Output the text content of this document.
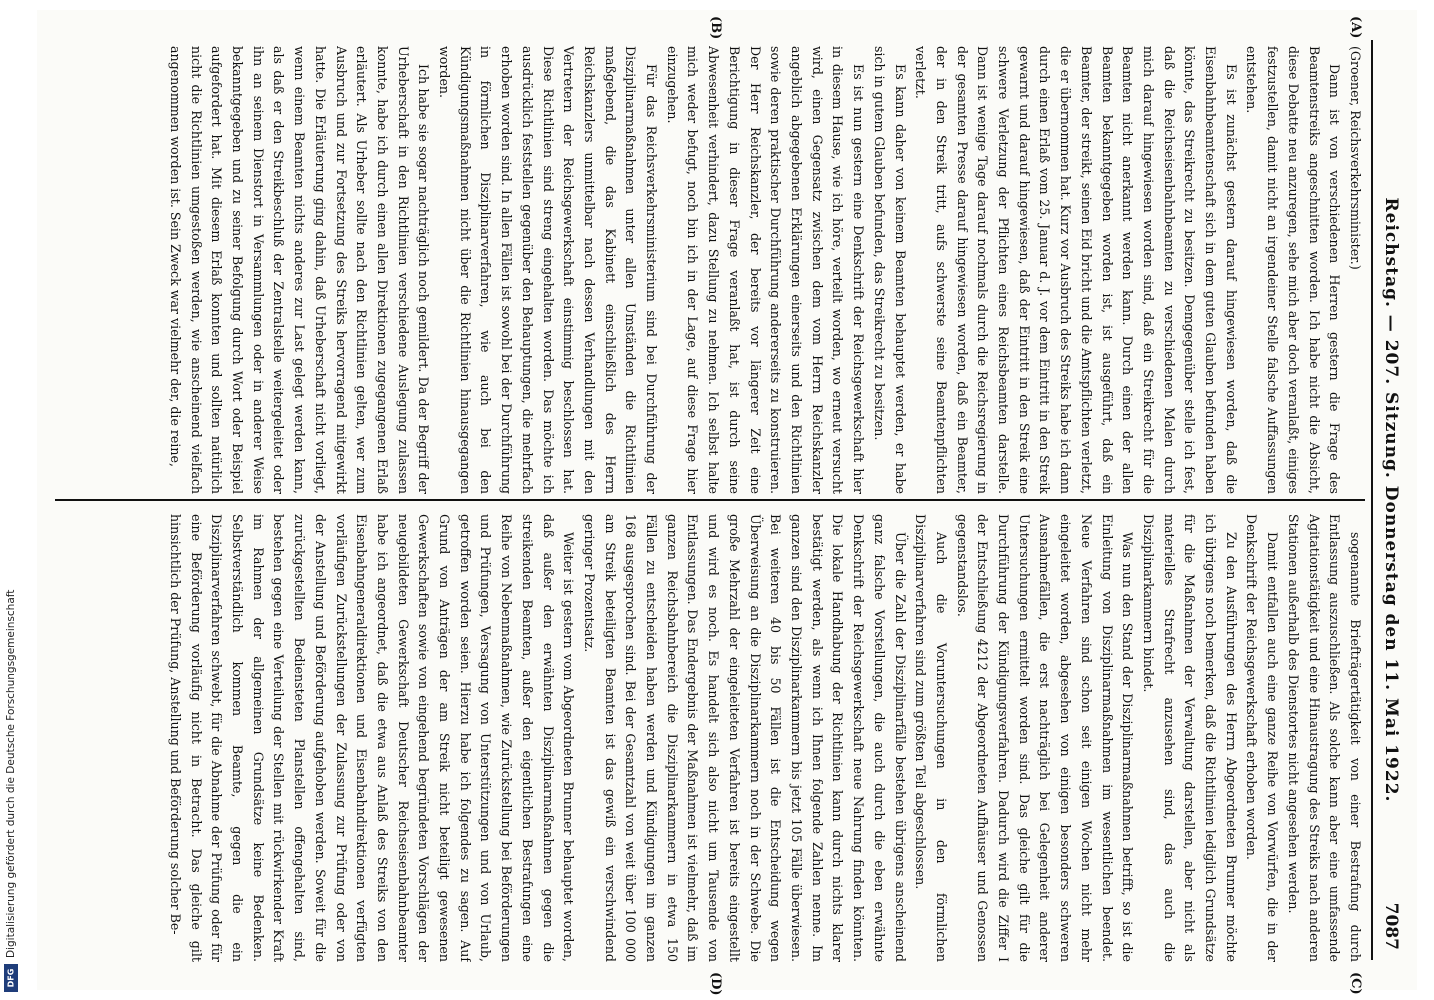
Digitalisierung gefördert durch die Deutsche Forschungsgemeinschaft
DFG
Reichstag. — 207. Sitzung. Donnerstag den 11. Mai 1922.
7087
(A)
(B)
(C)
(D)

(Groener, Reichsverkehrsminister.)

Dann ist von verschiedenen Herren gestern die Frage des Beamtenstreiks angeschnitten worden. Ich habe nicht die Absicht, diese Debatte neu anzuregen, sehe mich aber doch veranlaßt, einiges festzustellen, damit nicht an irgendeiner Stelle falsche Auffassungen entstehen.

Es ist zunächst gestern darauf hingewiesen worden, daß die Eisenbahnbeamtenschaft sich in dem guten Glauben befunden haben könnte, das Streikrecht zu besitzen. Demgegenüber stelle ich fest, daß die Reichseisenbahnbeamten zu verschiedenen Malen durch mich darauf hingewiesen worden sind, daß ein Streikrecht für die Beamten nicht anerkannt werden kann. Durch einen der allen Beamten bekanntgegeben worden ist, ist ausgeführt, daß ein Beamter, der streikt, seinen Eid bricht und die Amtspflichten verletzt, die er übernommen hat. Kurz vor Ausbruch des Streiks habe ich dann durch einen Erlaß vom 25. Januar d. J. vor dem Eintritt in den Streik gewarnt und darauf hingewiesen, daß der Eintritt in den Streik eine schwere Verletzung der Pflichten eines Reichsbeamten darstelle. Dann ist wenige Tage darauf nochmals durch die Reichsregierung in der gesamten Presse darauf hingewiesen worden, daß ein Beamter, der in den Streik tritt, aufs schwerste seine Beamtenpflichten verletzt.

Es kann daher von keinem Beamten behauptet werden, er habe sich in gutem Glauben befunden, das Streikrecht zu besitzen.

Es ist nun gestern eine Denkschrift der Reichsgewerkschaft hier in diesem Hause, wie ich höre, verteilt worden, wo erneut versucht wird, einen Gegensatz zwischen dem vom Herrn Reichskanzler angeblich abgegebenen Erklärungen einerseits und den Richtlinien sowie deren praktischer Durchführung andererseits zu konstruieren. Der Herr Reichskanzler, der bereits vor längerer Zeit eine Berichtigung in dieser Frage veranlaßt hat, ist durch seine Abwesenheit verhindert, dazu Stellung zu nehmen. Ich selbst halte mich weder befugt, noch bin ich in der Lage, auf diese Frage hier einzugehen.

Für das Reichsverkehrsministerium sind bei Durchführung der Disziplinarmaßnahmen unter allen Umständen die Richtlinien maßgebend, die das Kabinett einschließlich des Herrn Reichskanzlers unmittelbar nach dessen Verhandlungen mit den Vertretern der Reichsgewerkschaft einstimmig beschlossen hat. Diese Richtlinien sind streng eingehalten worden. Das möchte ich ausdrücklich feststellen gegenüber den Behauptungen, die mehrfach erhoben worden sind. In allen Fällen ist sowohl bei der Durchführung in förmlichen Disziplinarverfahren, wie auch bei den Kündigungsmaßnahmen nicht über die Richtlinien hinausgegangen worden.

Ich habe sie sogar nachträglich noch gemildert. Da der Begriff der Urheberschaft in den Richtlinien verschiedene Auslegung zulassen konnte, habe ich durch einen allen Direktionen zugegangenen Erlaß erläutert. Als Urheber sollte nach den Richtlinien gelten, wer zum Ausbruch und zur Fortsetzung des Streiks hervorragend mitgewirkt hatte. Die Erläuterung ging dahin, daß Urheberschaft nicht vorliegt, wenn einem Beamten nichts anderes zur Last gelegt werden kann, als daß er den Streikbeschluß der Zentralstelle weitergeleitet oder ihn an seinem Dienstort in Versammlungen oder in anderer Weise bekanntgegeben und zu seiner Befolgung durch Wort oder Beispiel aufgefordert hat. Mit diesem Erlaß konnten und sollten natürlich nicht die Richtlinien umgestoßen werden, wie anscheinend vielfach angenommen worden ist. Sein Zweck war vielmehr der, die reine,

sogenannte Briefträgertätigkeit von einer Bestrafung durch Entlassung auszuschließen. Als solche kann aber eine umfassende Agitationstätigkeit und eine Hinaustragung des Streiks nach anderen Stationen außerhalb des Dienstortes nicht angesehen werden.

Damit entfallen auch eine ganze Reihe von Vorwürfen, die in der Denkschrift der Reichsgewerkschaft erhoben worden.

Zu den Ausführungen des Herrn Abgeordneten Brunner möchte ich übrigens noch bemerken, daß die Richtlinien lediglich Grundsätze für die Maßnahmen der Verwaltung darstellen, aber nicht als materielles Strafrecht anzusehen sind, das auch die Disziplinarkammern bindet.

Was nun den Stand der Disziplinarmaßnahmen betrifft, so ist die Einleitung von Disziplinarmaßnahmen im wesentlichen beendet. Neue Verfahren sind schon seit einigen Wochen nicht mehr eingeleitet worden, abgesehen von einigen besonders schweren Ausnahmefällen, die erst nachträglich bei Gelegenheit anderer Untersuchungen ermittelt worden sind. Das gleiche gilt für die Durchführung der Kündigungsverfahren. Dadurch wird die Ziffer I der Entschließung 4212 der Abgeordneten Aufhäuser und Genossen gegenstandslos.

Auch die Voruntersuchungen in den förmlichen Disziplinarverfahren sind zum größten Teil abgeschlossen.

Über die Zahl der Disziplinarfälle bestehen übrigens anscheinend ganz falsche Vorstellungen, die auch durch die eben erwähnte Denkschrift der Reichsgewerkschaft neue Nahrung finden könnten. Die lokale Handhabung der Richtlinien kann durch nichts klarer bestätigt werden, als wenn ich Ihnen folgende Zahlen nenne. Im ganzen sind den Disziplinarkammern bis jetzt 105 Fälle überwiesen. Bei weiteren 40 bis 50 Fällen ist die Entscheidung wegen Überweisung an die Disziplinarkammern noch in der Schwebe. Die große Mehrzahl der eingeleiteten Verfahren ist bereits eingestellt und wird es noch. Es handelt sich also nicht um Tausende von Entlassungen. Das Endergebnis der Maßnahmen ist vielmehr, daß im ganzen Reichsbahnbereich die Disziplinarkammern in etwa 150 Fällen zu entscheiden haben werden und Kündigungen im ganzen 168 ausgesprochen sind. Bei der Gesamtzahl von weit über 100 000 am Streik beteiligten Beamten ist das gewiß ein verschwindend geringer Prozentsatz.

Weiter ist gestern vom Abgeordneten Brunner behauptet worden, daß außer den erwähnten Disziplinarmaßnahmen gegen die streikenden Beamten, außer den eigentlichen Bestrafungen eine Reihe von Nebenmaßnahmen, wie Zurückstellung bei Beförderungen und Prüfungen, Versagung von Unterstützungen und von Urlaub, getroffen worden seien. Hierzu habe ich folgendes zu sagen. Auf Grund von Anträgen der am Streik nicht beteiligt gewesenen Gewerkschaften sowie von eingehend begründeten Vorschlägen der neugebildeten Gewerkschaft Deutscher Reichseisenbahnbeamter habe ich angeordnet, daß die etwa aus Anlaß des Streiks von den Eisenbahngeneraldirektionen und Eisenbahndirektionen verfügten vorläufigen Zurückstellungen der Zulassung zur Prüfung oder von der Anstellung und Beförderung aufgehoben werden. Soweit für die zurückgestellten Bediensteten Planstellen offengehalten sind, bestehen gegen eine Verteilung der Stellen mit rückwirkender Kraft im Rahmen der allgemeinen Grundsätze keine Bedenken. Selbstverständlich kommen Beamte, gegen die ein Disziplinarverfahren schwebt, für die Abnahme der Prüfung oder für eine Beförderung vorläufig nicht in Betracht. Das gleiche gilt hinsichtlich der Prüfung, Anstellung und Beförderung solcher Be-
